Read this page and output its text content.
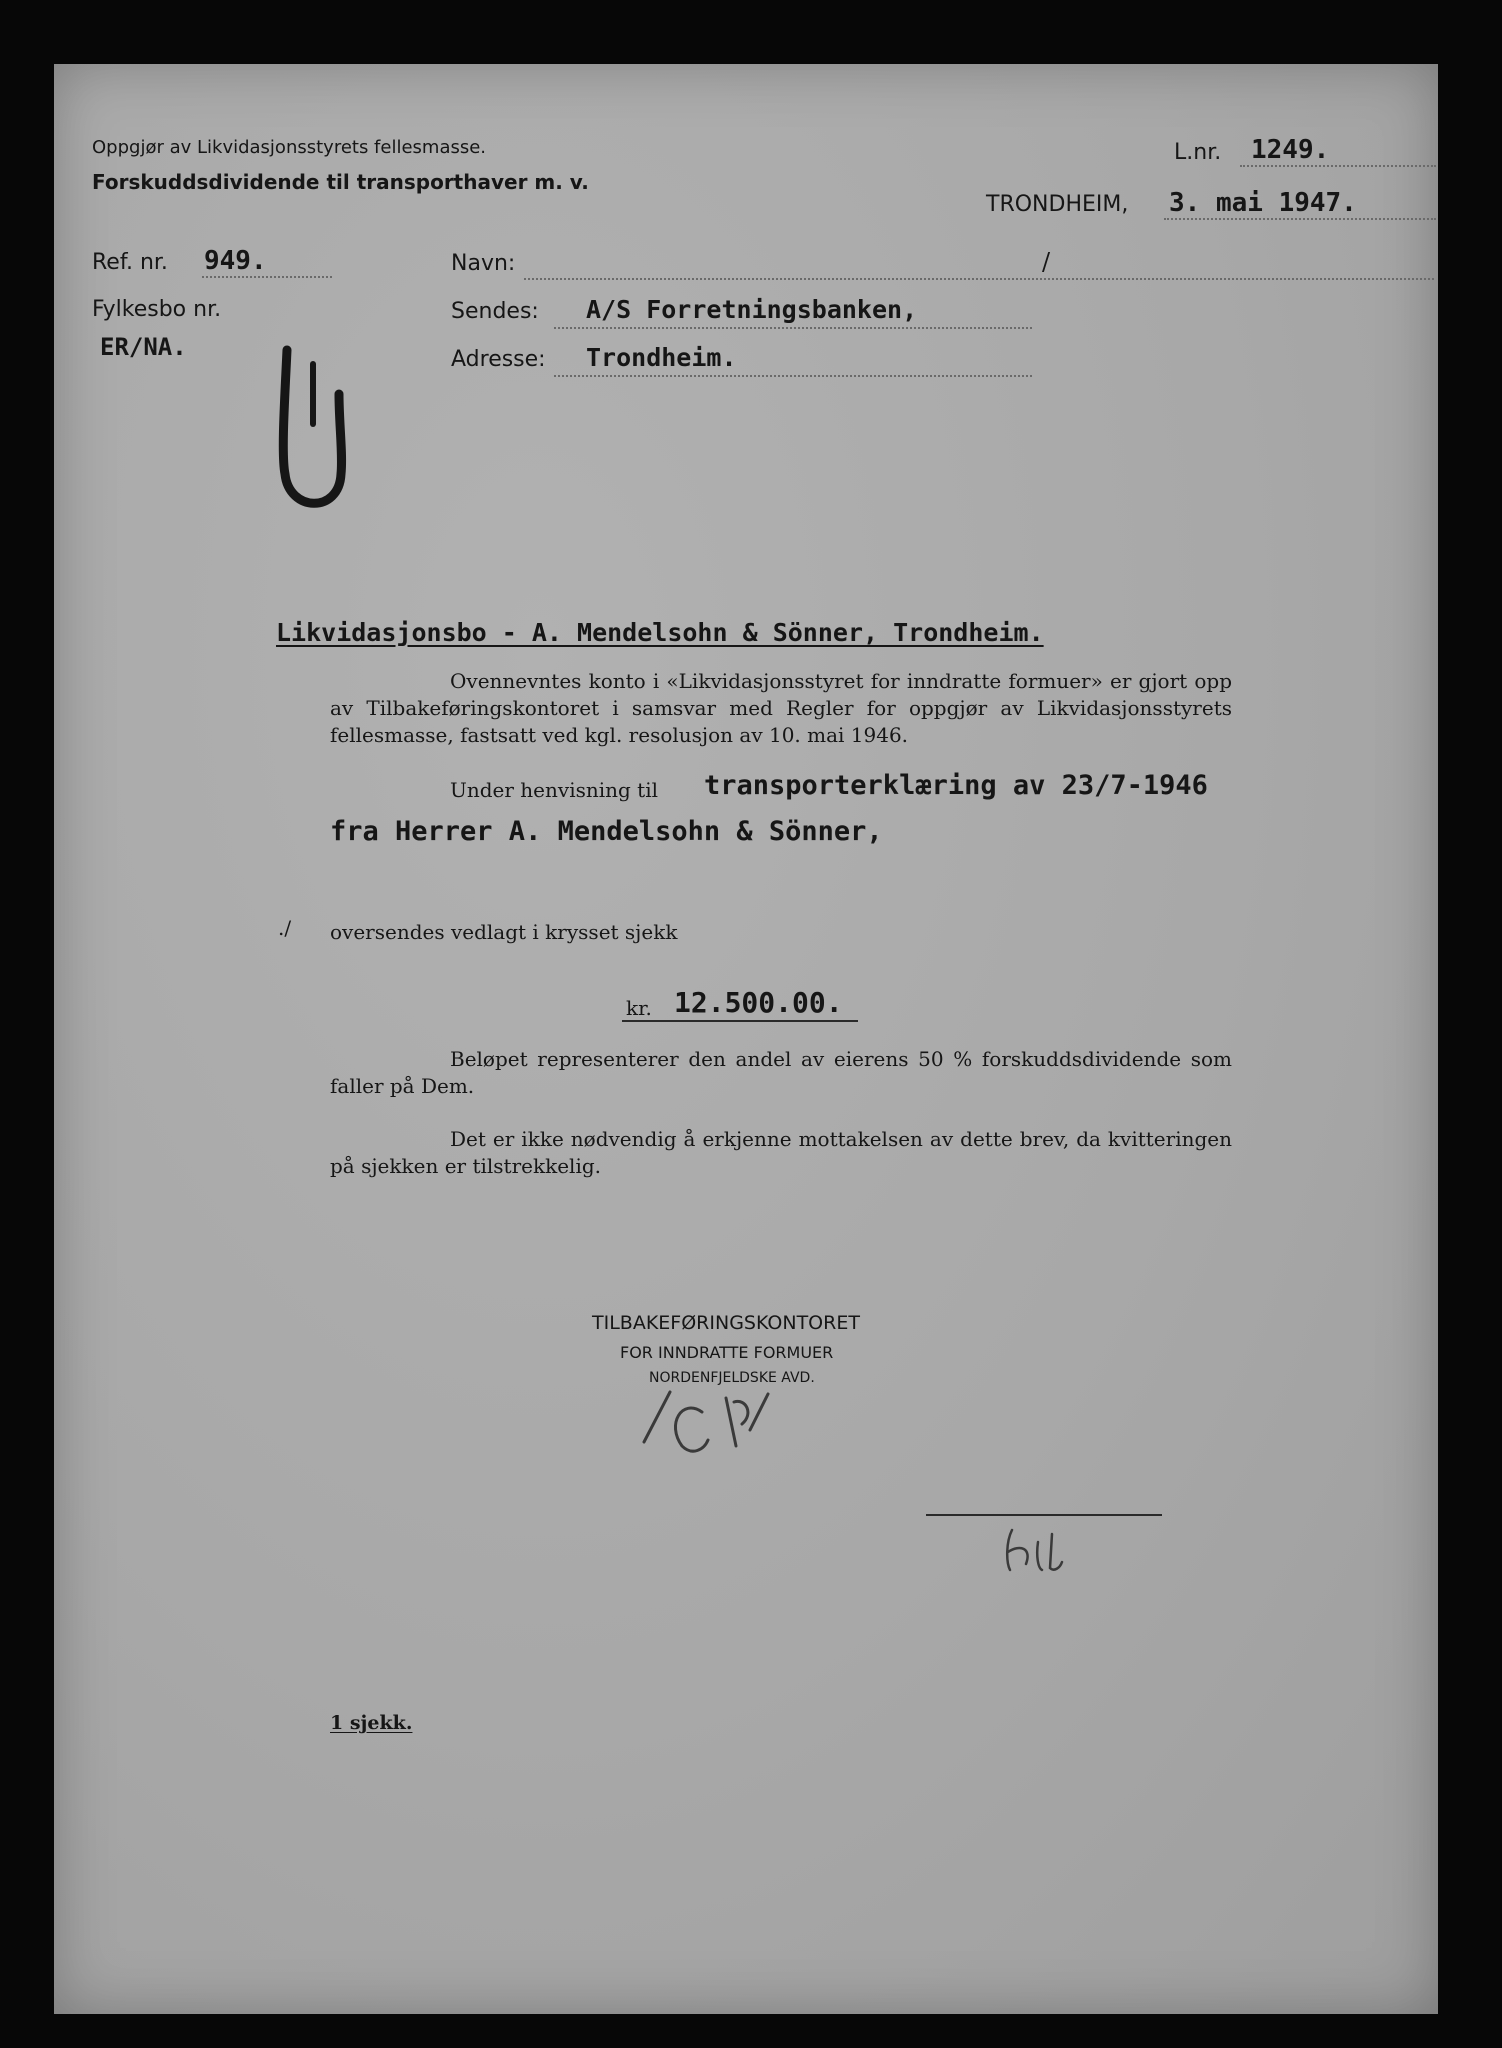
Oppgjør av Likvidasjonsstyrets fellesmasse.
Forskuddsdividende til transporthaver m. v.
L.nr. 1249.
TRONDHEIM, 3. mai 1947.
Ref. nr. 949.
Fylkesbo nr.
ER/NA.
Navn:	/
Sendes: A/S Forretningsbanken,
Adresse: Trondheim.
Likvidasjonsbo - A. Mendelsohn & Sönner, Trondheim.
Ovennevntes konto i «Likvidasjonsstyret for inndratte formuer» er gjort opp av Tilbakeføringskontoret i samsvar med Regler for oppgjør av Likvidasjonsstyrets fellesmasse, fastsatt ved kgl. resolusjon av 10. mai 1946.
Under henvisning til transporterklæring av 23/7-1946
fra Herrer A. Mendelsohn & Sönner,
./ oversendes vedlagt i krysset sjekk
kr. 12.500.00.
Beløpet representerer den andel av eierens 50 % forskuddsdividende som faller på Dem.
Det er ikke nødvendig å erkjenne mottakelsen av dette brev, da kvitteringen på sjekken er tilstrekkelig.
TILBAKEFØRINGSKONTORET
FOR INNDRATTE FORMUER
NORDENFJELDSKE AVD.
1 sjekk.
